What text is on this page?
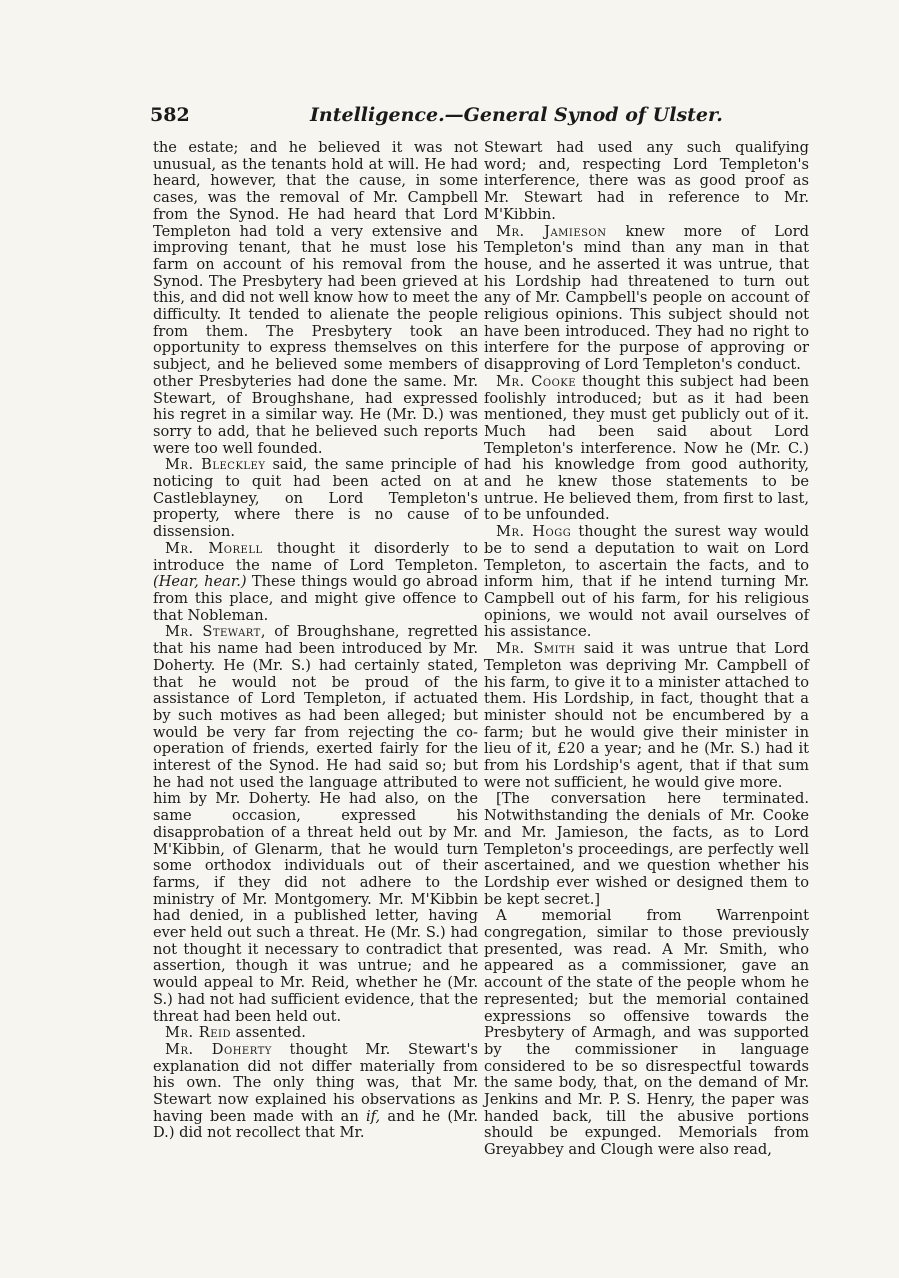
582	Intelligence.—General Synod of Ulster.

the estate; and he believed it was not unusual, as the tenants hold at will. He had heard, however, that the cause, in some cases, was the removal of Mr. Campbell from the Synod. He had heard that Lord Templeton had told a very extensive and improving tenant, that he must lose his farm on account of his removal from the Synod. The Presbytery had been grieved at this, and did not well know how to meet the difficulty. It tended to alienate the people from them. The Presbytery took an opportunity to express themselves on this subject, and he believed some members of other Presbyteries had done the same. Mr. Stewart, of Broughshane, had expressed his regret in a similar way. He (Mr. D.) was sorry to add, that he believed such reports were too well founded.

Mr. Bleckley said, the same principle of noticing to quit had been acted on at Castleblayney, on Lord Templeton's property, where there is no cause of dissension.

Mr. Morell thought it disorderly to introduce the name of Lord Templeton. (Hear, hear.) These things would go abroad from this place, and might give offence to that Nobleman.

Mr. Stewart, of Broughshane, regretted that his name had been introduced by Mr. Doherty. He (Mr. S.) had certainly stated, that he would not be proud of the assistance of Lord Templeton, if actuated by such motives as had been alleged; but would be very far from rejecting the co-operation of friends, exerted fairly for the interest of the Synod. He had said so; but he had not used the language attributed to him by Mr. Doherty. He had also, on the same occasion, expressed his disapprobation of a threat held out by Mr. M'Kibbin, of Glenarm, that he would turn some orthodox individuals out of their farms, if they did not adhere to the ministry of Mr. Montgomery. Mr. M'Kibbin had denied, in a published letter, having ever held out such a threat. He (Mr. S.) had not thought it necessary to contradict that assertion, though it was untrue; and he would appeal to Mr. Reid, whether he (Mr. S.) had not had sufficient evidence, that the threat had been held out.

Mr. Reid assented.

Mr. Doherty thought Mr. Stewart's explanation did not differ materially from his own. The only thing was, that Mr. Stewart now explained his observations as having been made with an if, and he (Mr. D.) did not recollect that Mr.

Stewart had used any such qualifying word; and, respecting Lord Templeton's interference, there was as good proof as Mr. Stewart had in reference to Mr. M'Kibbin.

Mr. Jamieson knew more of Lord Templeton's mind than any man in that house, and he asserted it was untrue, that his Lordship had threatened to turn out any of Mr. Campbell's people on account of religious opinions. This subject should not have been introduced. They had no right to interfere for the purpose of approving or disapproving of Lord Templeton's conduct.

Mr. Cooke thought this subject had been foolishly introduced; but as it had been mentioned, they must get publicly out of it. Much had been said about Lord Templeton's interference. Now he (Mr. C.) had his knowledge from good authority, and he knew those statements to be untrue. He believed them, from first to last, to be unfounded.

Mr. Hogg thought the surest way would be to send a deputation to wait on Lord Templeton, to ascertain the facts, and to inform him, that if he intend turning Mr. Campbell out of his farm, for his religious opinions, we would not avail ourselves of his assistance.

Mr. Smith said it was untrue that Lord Templeton was depriving Mr. Campbell of his farm, to give it to a minister attached to them. His Lordship, in fact, thought that a minister should not be encumbered by a farm; but he would give their minister in lieu of it, £20 a year; and he (Mr. S.) had it from his Lordship's agent, that if that sum were not sufficient, he would give more.

[The conversation here terminated. Notwithstanding the denials of Mr. Cooke and Mr. Jamieson, the facts, as to Lord Templeton's proceedings, are perfectly well ascertained, and we question whether his Lordship ever wished or designed them to be kept secret.]

A memorial from Warrenpoint congregation, similar to those previously presented, was read. A Mr. Smith, who appeared as a commissioner, gave an account of the state of the people whom he represented; but the memorial contained expressions so offensive towards the Presbytery of Armagh, and was supported by the commissioner in language considered to be so disrespectful towards the same body, that, on the demand of Mr. Jenkins and Mr. P. S. Henry, the paper was handed back, till the abusive portions should be expunged. Memorials from Greyabbey and Clough were also read,
